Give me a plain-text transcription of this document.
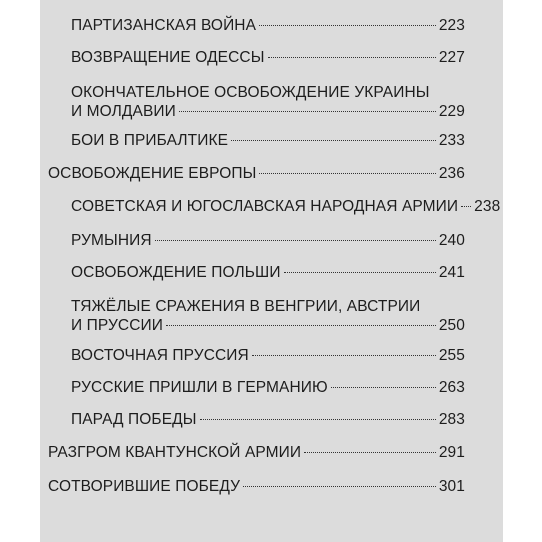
ПАРТИЗАНСКАЯ ВОЙНА	223
ВОЗВРАЩЕНИЕ ОДЕССЫ	227
ОКОНЧАТЕЛЬНОЕ ОСВОБОЖДЕНИЕ УКРАИНЫ
И МОЛДАВИИ	229
БОИ В ПРИБАЛТИКЕ	233
ОСВОБОЖДЕНИЕ ЕВРОПЫ	236
СОВЕТСКАЯ И ЮГОСЛАВСКАЯ НАРОДНАЯ АРМИИ 238
РУМЫНИЯ	240
ОСВОБОЖДЕНИЕ ПОЛЬШИ	241
ТЯЖЁЛЫЕ СРАЖЕНИЯ В ВЕНГРИИ, АВСТРИИ
И ПРУССИИ	250
ВОСТОЧНАЯ ПРУССИЯ	255
РУССКИЕ ПРИШЛИ В ГЕРМАНИЮ	263
ПАРАД ПОБЕДЫ	283
РАЗГРОМ КВАНТУНСКОЙ АРМИИ	291
СОТВОРИВШИЕ ПОБЕДУ	301
